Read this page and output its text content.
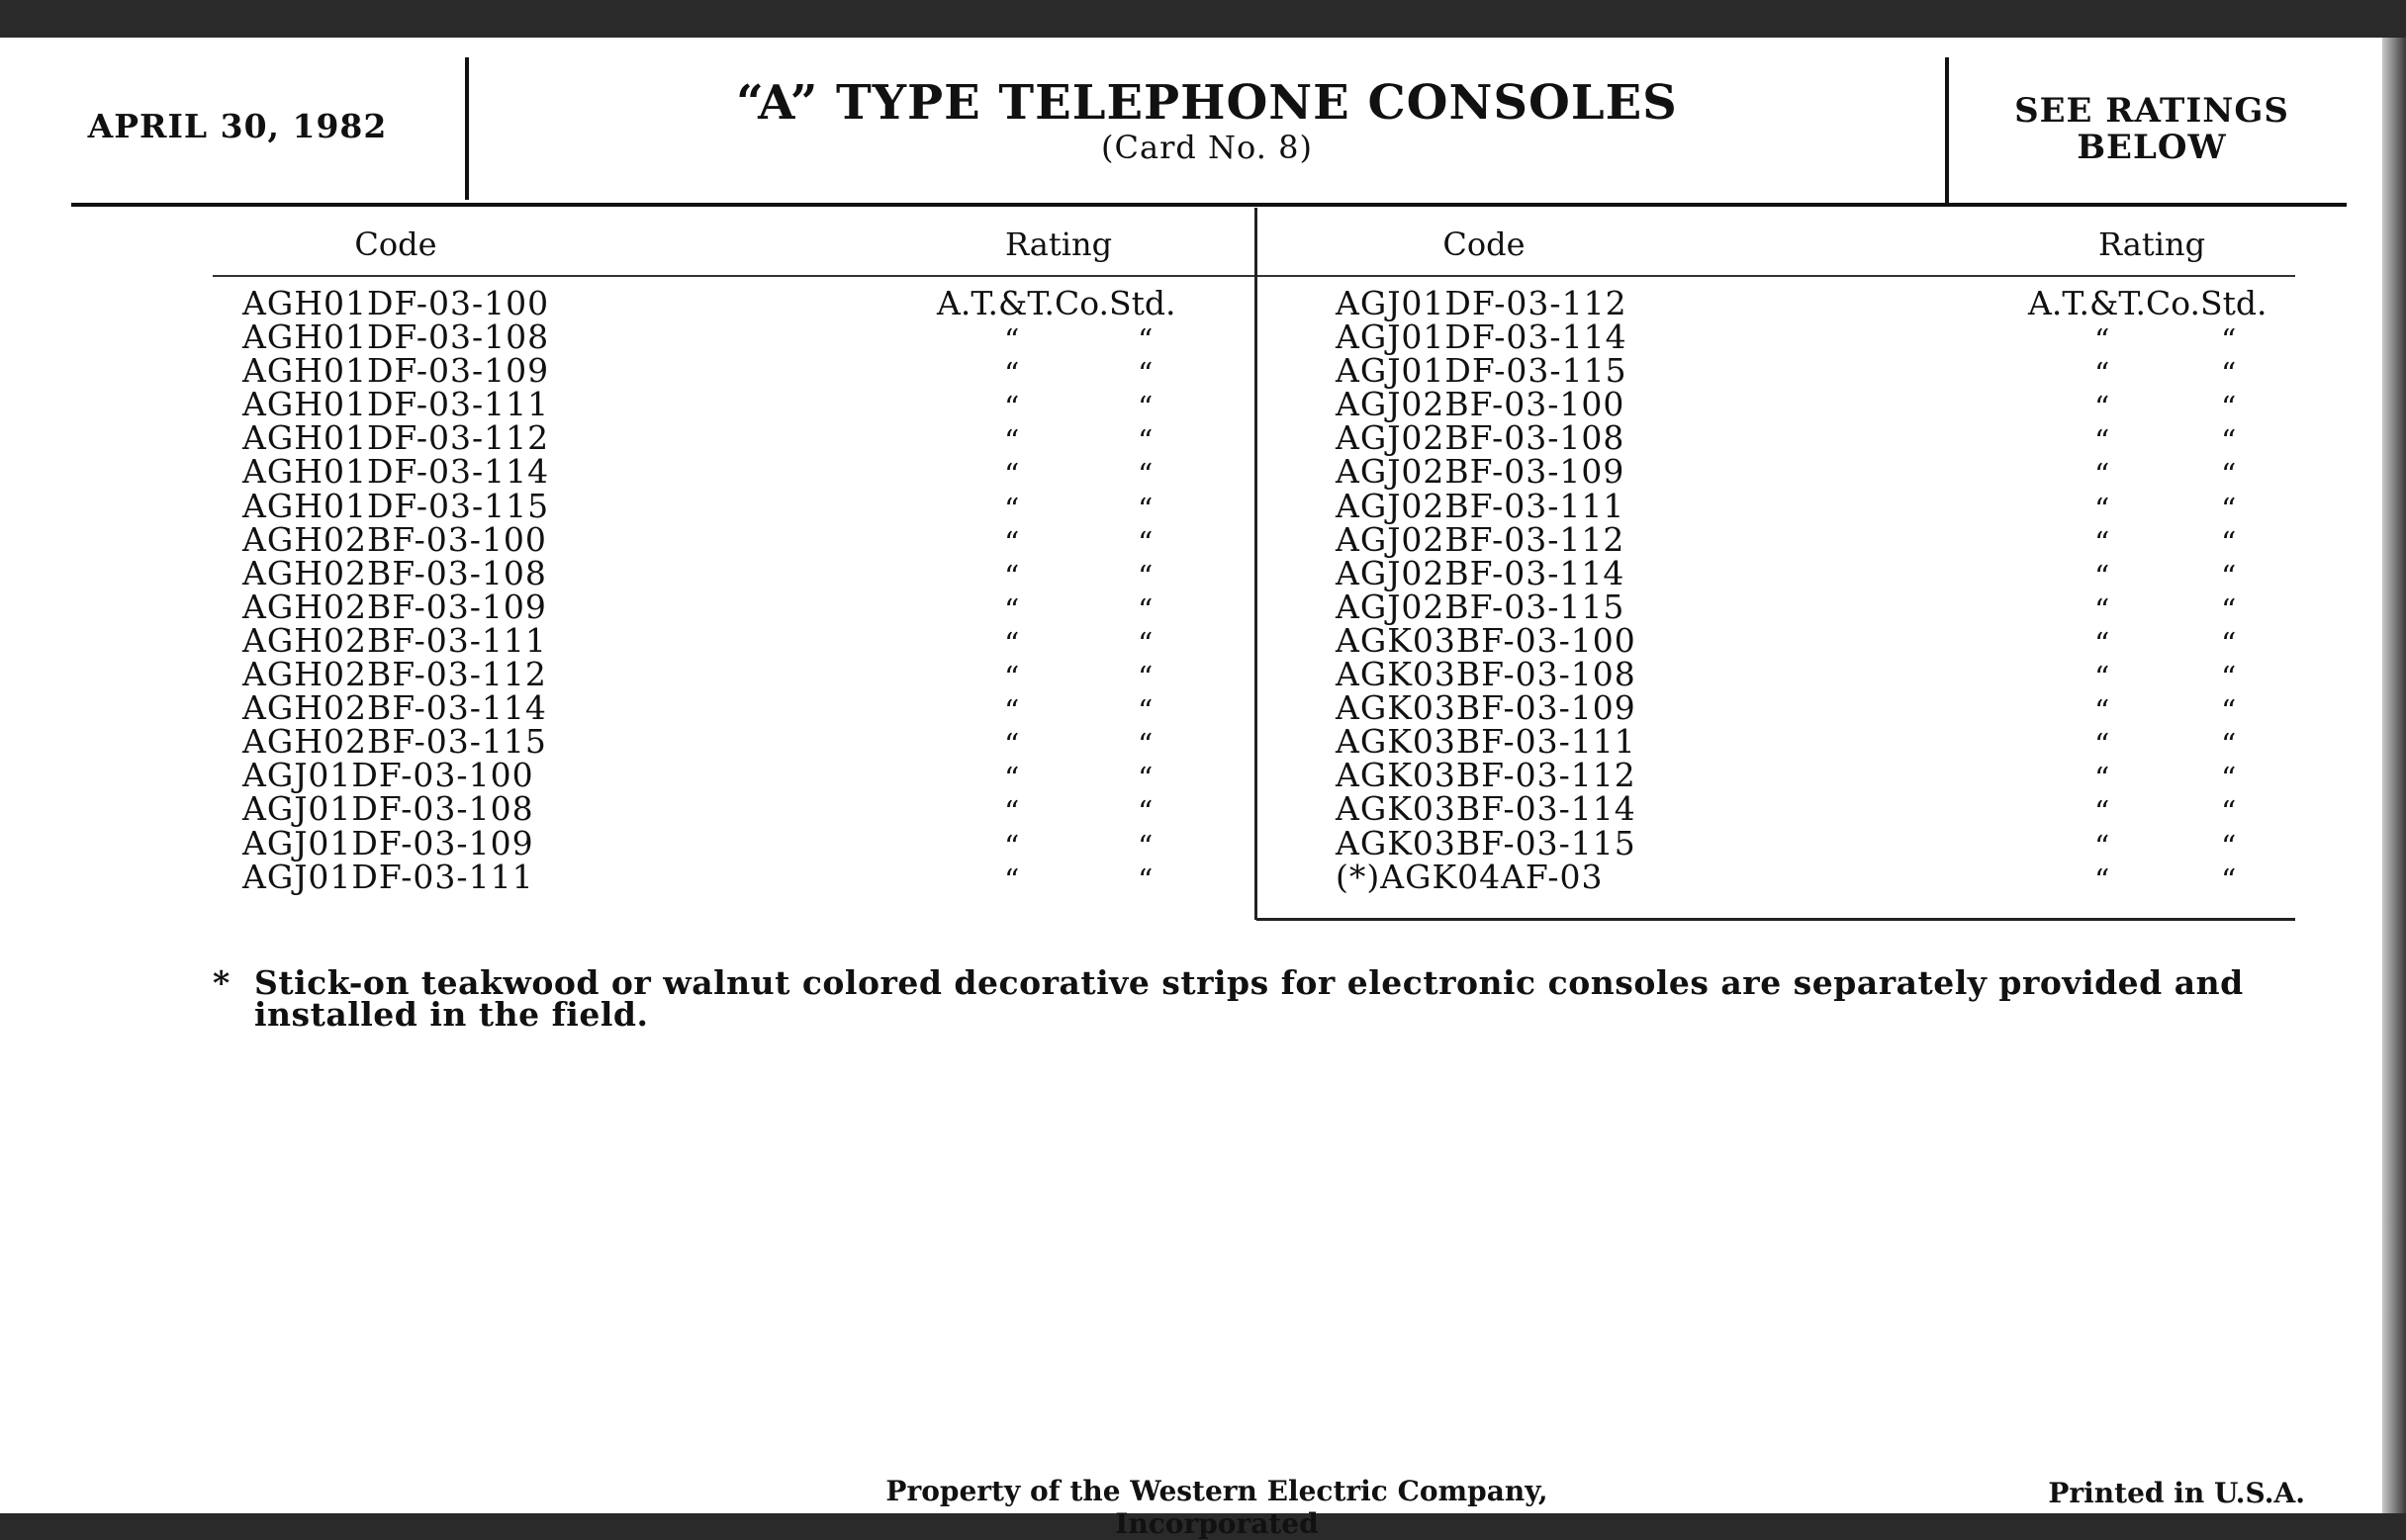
APRIL 30, 1982	“A” TYPE TELEPHONE CONSOLES
(Card No. 8)
SEE RATINGS
BELOW
Code	Rating	Code	Rating
AGH01DF-03-100	A.T.&T.Co.Std.
AGH01DF-03-108	“	“
AGH01DF-03-109	“	“
AGH01DF-03-111	“	“
AGH01DF-03-112	“	“
AGH01DF-03-114	“	“
AGH01DF-03-115	“	“
AGH02BF-03-100	“	“
AGH02BF-03-108	“	“
AGH02BF-03-109	“	“
AGH02BF-03-111	“	“
AGH02BF-03-112	“	“
AGH02BF-03-114	“	“
AGH02BF-03-115	“	“
AGJ01DF-03-100	“	“
AGJ01DF-03-108	“	“
AGJ01DF-03-109	“	“
AGJ01DF-03-111	“	“
AGJ01DF-03-112	A.T.&T.Co.Std.
AGJ01DF-03-114	“	“
AGJ01DF-03-115	“	“
AGJ02BF-03-100	“	“
AGJ02BF-03-108	“	“
AGJ02BF-03-109	“	“
AGJ02BF-03-111	“	“
AGJ02BF-03-112	“	“
AGJ02BF-03-114	“	“
AGJ02BF-03-115	“	“
AGK03BF-03-100	“	“
AGK03BF-03-108	“	“
AGK03BF-03-109	“	“
AGK03BF-03-111	“	“
AGK03BF-03-112	“	“
AGK03BF-03-114	“	“
AGK03BF-03-115	“	“
(*)AGK04AF-03	“	“
* Stick-on teakwood or walnut colored decorative strips for electronic consoles are separately provided and installed in the field.
Property of the Western Electric Company, Incorporated
Printed in U.S.A.
